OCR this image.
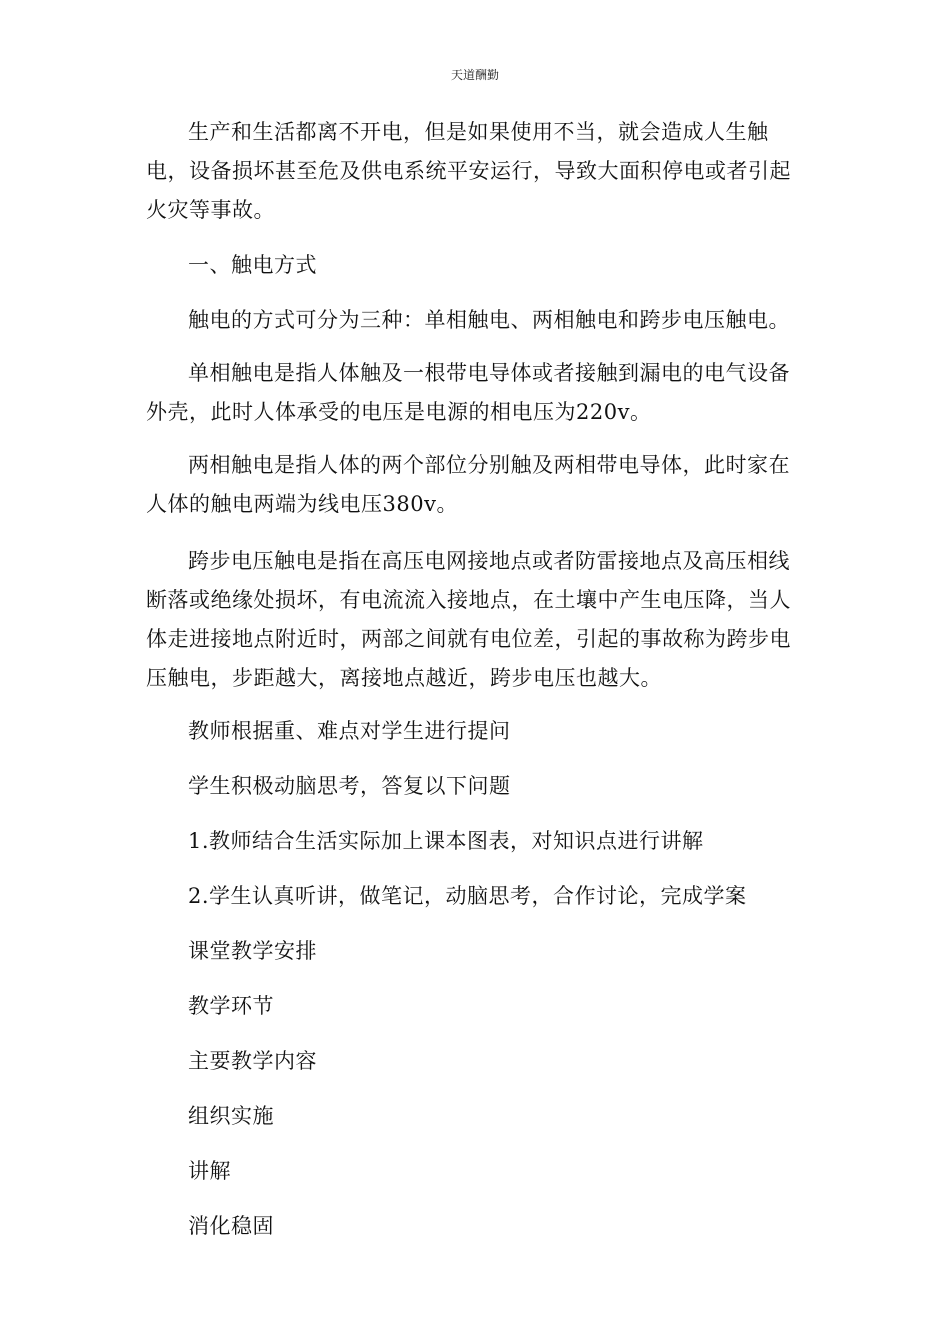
天道酬勤

生产和生活都离不开电，但是如果使用不当，就会造成人生触电，设备损坏甚至危及供电系统平安运行，导致大面积停电或者引起火灾等事故。

一、触电方式

触电的方式可分为三种：单相触电、两相触电和跨步电压触电。

单相触电是指人体触及一根带电导体或者接触到漏电的电气设备外壳，此时人体承受的电压是电源的相电压为220v。

两相触电是指人体的两个部位分别触及两相带电导体，此时家在人体的触电两端为线电压380v。

跨步电压触电是指在高压电网接地点或者防雷接地点及高压相线断落或绝缘处损坏，有电流流入接地点，在土壤中产生电压降，当人体走进接地点附近时，两部之间就有电位差，引起的事故称为跨步电压触电，步距越大，离接地点越近，跨步电压也越大。

教师根据重、难点对学生进行提问

学生积极动脑思考，答复以下问题

1.教师结合生活实际加上课本图表，对知识点进行讲解

2.学生认真听讲，做笔记，动脑思考，合作讨论，完成学案

课堂教学安排

教学环节

主要教学内容

组织实施

讲解

消化稳固
